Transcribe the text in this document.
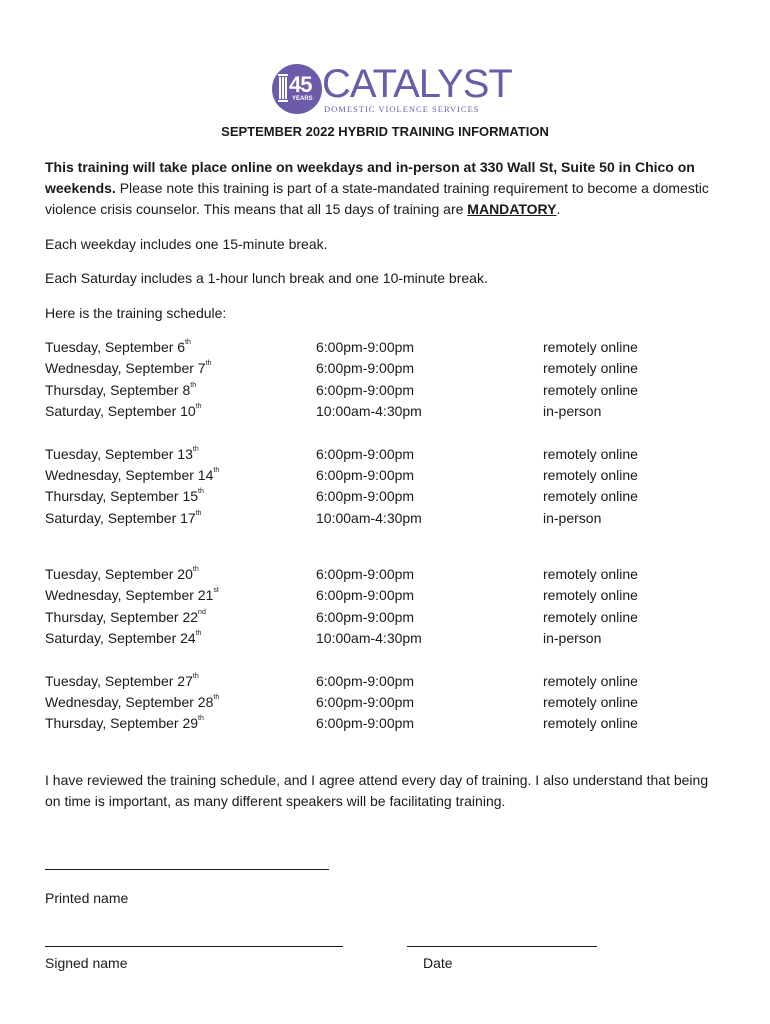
45
YEARS CATALYST
DOMESTIC VIOLENCE SERVICES
SEPTEMBER 2022 HYBRID TRAINING INFORMATION
This training will take place online on weekdays and in-person at 330 Wall St, Suite 50 in Chico on weekends. Please note this training is part of a state-mandated training requirement to become a domestic violence crisis counselor. This means that all 15 days of training are MANDATORY.
Each weekday includes one 15-minute break.
Each Saturday includes a 1-hour lunch break and one 10-minute break.
Here is the training schedule:
Tuesday, September 6th	6:00pm-9:00pm	remotely online
Wednesday, September 7th	6:00pm-9:00pm	remotely online
Thursday, September 8th	6:00pm-9:00pm	remotely online
Saturday, September 10th	10:00am-4:30pm	in-person
Tuesday, September 13th	6:00pm-9:00pm	remotely online
Wednesday, September 14th	6:00pm-9:00pm	remotely online
Thursday, September 15th	6:00pm-9:00pm	remotely online
Saturday, September 17th	10:00am-4:30pm	in-person
Tuesday, September 20th	6:00pm-9:00pm	remotely online
Wednesday, September 21st	6:00pm-9:00pm	remotely online
Thursday, September 22nd	6:00pm-9:00pm	remotely online
Saturday, September 24th	10:00am-4:30pm	in-person
Tuesday, September 27th	6:00pm-9:00pm	remotely online
Wednesday, September 28th	6:00pm-9:00pm	remotely online
Thursday, September 29th	6:00pm-9:00pm	remotely online
I have reviewed the training schedule, and I agree attend every day of training. I also understand that being on time is important, as many different speakers will be facilitating training.
Printed name
Signed name	Date
